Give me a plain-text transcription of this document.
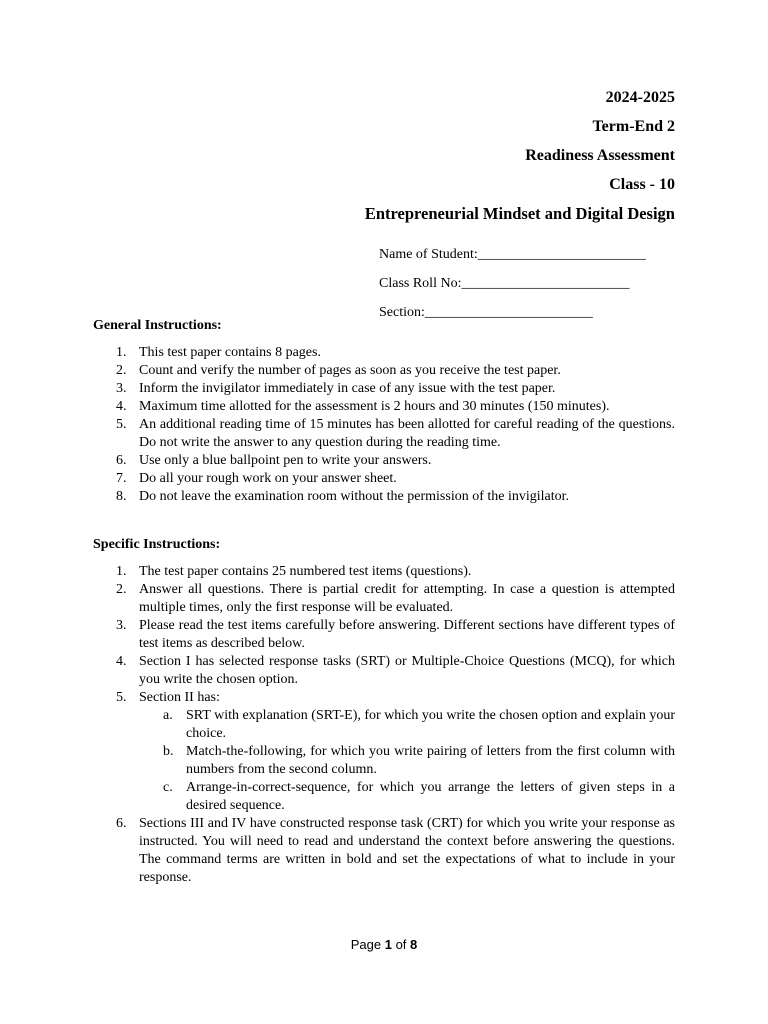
2024-2025

Term-End 2

Readiness Assessment

Class - 10

Entrepreneurial Mindset and Digital Design

Name of Student:________________________
Class Roll No:________________________
Section:________________________

General Instructions:

1. This test paper contains 8 pages.
2. Count and verify the number of pages as soon as you receive the test paper.
3. Inform the invigilator immediately in case of any issue with the test paper.
4. Maximum time allotted for the assessment is 2 hours and 30 minutes (150 minutes).
5. An additional reading time of 15 minutes has been allotted for careful reading of the questions. Do not write the answer to any question during the reading time.
6. Use only a blue ballpoint pen to write your answers.
7. Do all your rough work on your answer sheet.
8. Do not leave the examination room without the permission of the invigilator.

Specific Instructions:

1. The test paper contains 25 numbered test items (questions).
2. Answer all questions. There is partial credit for attempting. In case a question is attempted multiple times, only the first response will be evaluated.
3. Please read the test items carefully before answering. Different sections have different types of test items as described below.
4. Section I has selected response tasks (SRT) or Multiple-Choice Questions (MCQ), for which you write the chosen option.
5. Section II has:
a. SRT with explanation (SRT-E), for which you write the chosen option and explain your choice.
b. Match-the-following, for which you write pairing of letters from the first column with numbers from the second column.
c. Arrange-in-correct-sequence, for which you arrange the letters of given steps in a desired sequence.
6. Sections III and IV have constructed response task (CRT) for which you write your response as instructed. You will need to read and understand the context before answering the questions. The command terms are written in bold and set the expectations of what to include in your response.
Page 1 of 8
